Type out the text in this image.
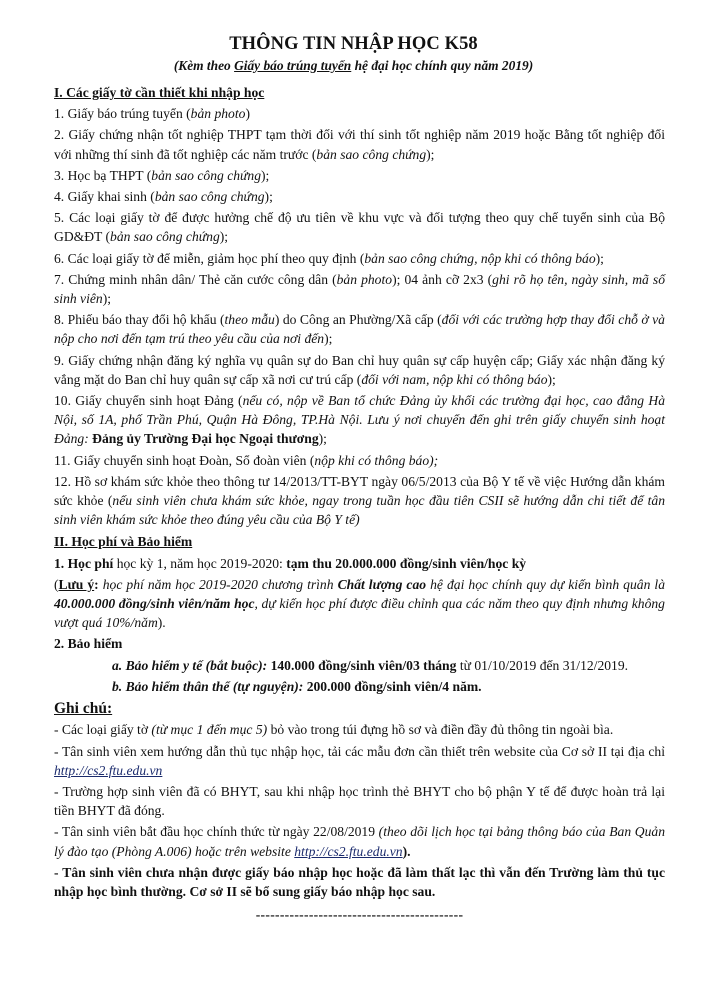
THÔNG TIN NHẬP HỌC K58
(Kèm theo Giấy báo trúng tuyển hệ đại học chính quy năm 2019)

I. Các giấy tờ cần thiết khi nhập học

1. Giấy báo trúng tuyển (bản photo)

2. Giấy chứng nhận tốt nghiệp THPT tạm thời đối với thí sinh tốt nghiệp năm 2019 hoặc Bằng tốt nghiệp đối với những thí sinh đã tốt nghiệp các năm trước (bản sao công chứng);

3. Học bạ THPT (bản sao công chứng);

4. Giấy khai sinh (bản sao công chứng);

5. Các loại giấy tờ để được hưởng chế độ ưu tiên về khu vực và đối tượng theo quy chế tuyển sinh của Bộ GD&ĐT (bản sao công chứng);

6. Các loại giấy tờ để miễn, giảm học phí theo quy định (bản sao công chứng, nộp khi có thông báo);

7. Chứng minh nhân dân/ Thẻ căn cước công dân (bản photo); 04 ảnh cỡ 2x3 (ghi rõ họ tên, ngày sinh, mã số sinh viên);

8. Phiếu báo thay đổi hộ khẩu (theo mẫu) do Công an Phường/Xã cấp (đối với các trường hợp thay đổi chỗ ở và nộp cho nơi đến tạm trú theo yêu cầu của nơi đến);

9. Giấy chứng nhận đăng ký nghĩa vụ quân sự do Ban chỉ huy quân sự cấp huyện cấp; Giấy xác nhận đăng ký vắng mặt do Ban chỉ huy quân sự cấp xã nơi cư trú cấp (đối với nam, nộp khi có thông báo);

10. Giấy chuyển sinh hoạt Đảng (nếu có, nộp về Ban tổ chức Đảng ủy khối các trường đại học, cao đẳng Hà Nội, số 1A, phố Trần Phú, Quận Hà Đông, TP.Hà Nội. Lưu ý nơi chuyển đến ghi trên giấy chuyển sinh hoạt Đảng: Đảng ủy Trường Đại học Ngoại thương);

11. Giấy chuyển sinh hoạt Đoàn, Sổ đoàn viên (nộp khi có thông báo);

12. Hồ sơ khám sức khỏe theo thông tư 14/2013/TT-BYT ngày 06/5/2013 của Bộ Y tế về việc Hướng dẫn khám sức khỏe (nếu sinh viên chưa khám sức khỏe, ngay trong tuần học đầu tiên CSII sẽ hướng dẫn chi tiết để tân sinh viên khám sức khỏe theo đúng yêu cầu của Bộ Y tế)

II. Học phí và Bảo hiểm

1. Học phí học kỳ 1, năm học 2019-2020: tạm thu 20.000.000 đồng/sinh viên/học kỳ

(Lưu ý: học phí năm học 2019-2020 chương trình Chất lượng cao hệ đại học chính quy dự kiến bình quân là 40.000.000 đồng/sinh viên/năm học, dự kiến học phí được điều chỉnh qua các năm theo quy định nhưng không vượt quá 10%/năm).

2. Bảo hiểm

a. Bảo hiểm y tế (bắt buộc): 140.000 đồng/sinh viên/03 tháng từ 01/10/2019 đến 31/12/2019.

b. Bảo hiểm thân thể (tự nguyện): 200.000 đồng/sinh viên/4 năm.

Ghi chú:

- Các loại giấy tờ (từ mục 1 đến mục 5) bỏ vào trong túi đựng hồ sơ và điền đầy đủ thông tin ngoài bìa.

- Tân sinh viên xem hướng dẫn thủ tục nhập học, tải các mẫu đơn cần thiết trên website của Cơ sở II tại địa chỉ http://cs2.ftu.edu.vn

- Trường hợp sinh viên đã có BHYT, sau khi nhập học trình thẻ BHYT cho bộ phận Y tế để được hoàn trả lại tiền BHYT đã đóng.

- Tân sinh viên bắt đầu học chính thức từ ngày 22/08/2019 (theo dõi lịch học tại bảng thông báo của Ban Quản lý đào tạo (Phòng A.006) hoặc trên website http://cs2.ftu.edu.vn).

- Tân sinh viên chưa nhận được giấy báo nhập học hoặc đã làm thất lạc thì vẫn đến Trường làm thủ tục nhập học bình thường. Cơ sở II sẽ bổ sung giấy báo nhập học sau.

-------------------------------------------
